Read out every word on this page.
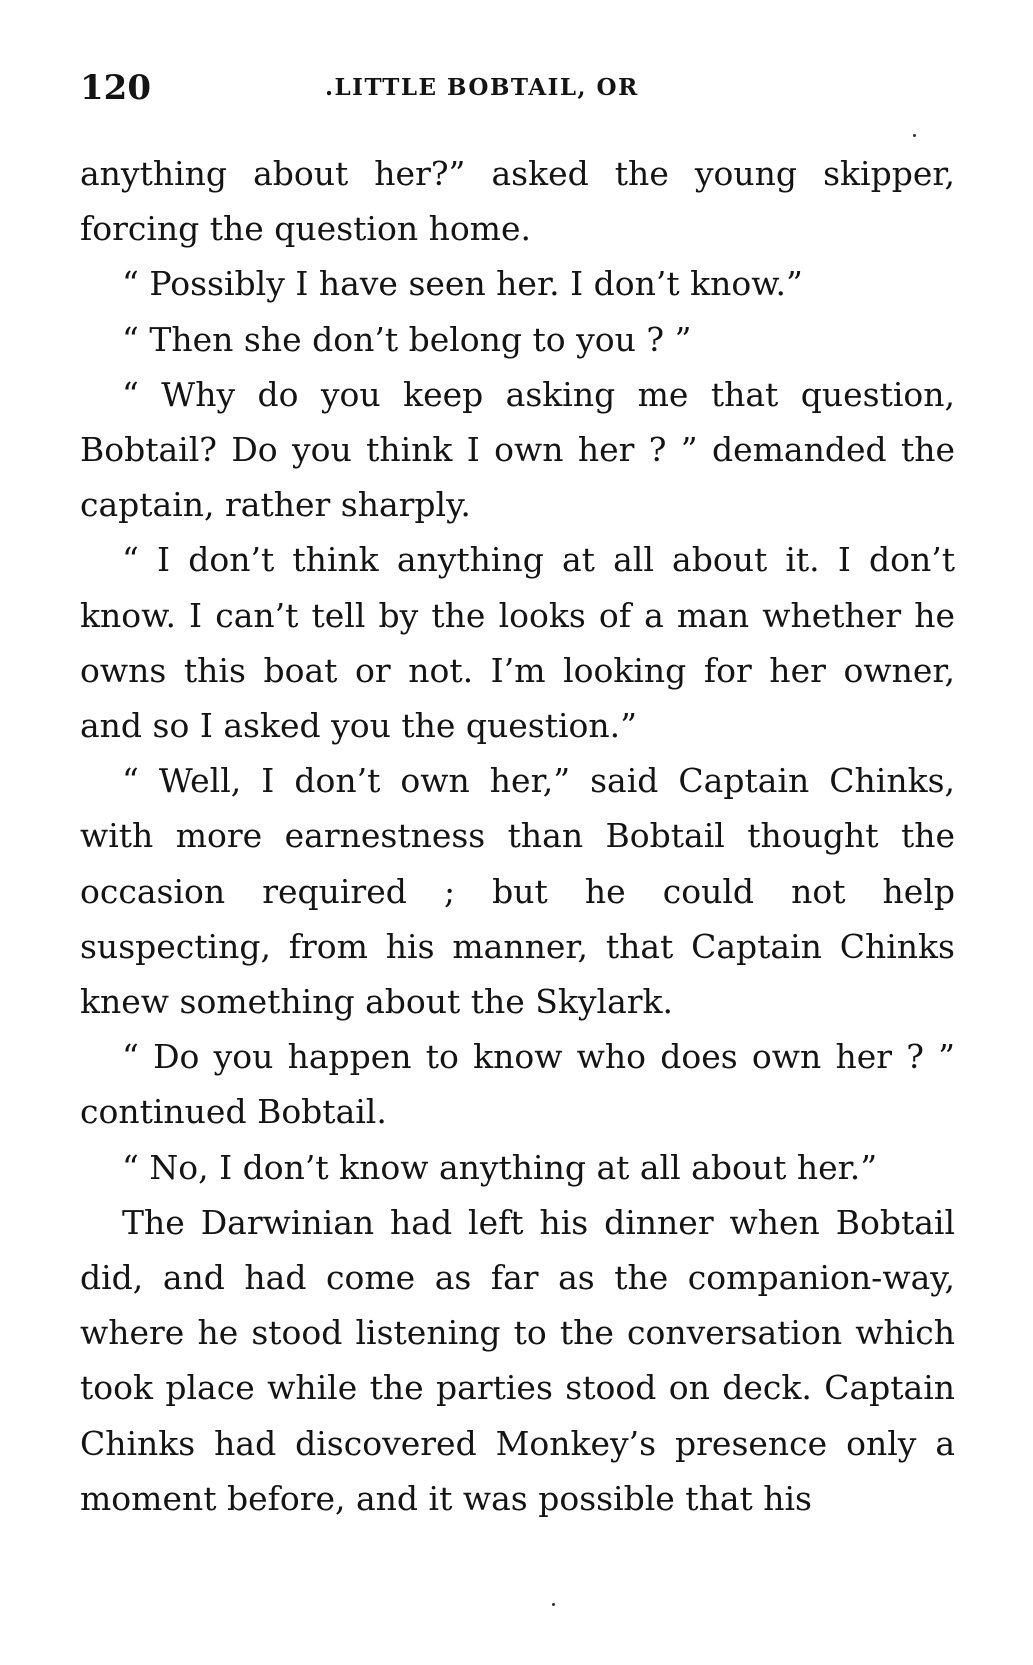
120	.LITTLE BOBTAIL, OR

anything about her?” asked the young skipper, forcing the question home.

“ Possibly I have seen her. I don’t know.”

“ Then she don’t belong to you ? ”

“ Why do you keep asking me that question, Bobtail? Do you think I own her ? ” demanded the captain, rather sharply.

“ I don’t think anything at all about it. I don’t know. I can’t tell by the looks of a man whether he owns this boat or not. I’m looking for her owner, and so I asked you the question.”

“ Well, I don’t own her,” said Captain Chinks, with more earnestness than Bobtail thought the occasion required ; but he could not help suspecting, from his manner, that Captain Chinks knew something about the Skylark.

“ Do you happen to know who does own her ? ” continued Bobtail.

“ No, I don’t know anything at all about her.”

The Darwinian had left his dinner when Bobtail did, and had come as far as the companion-way, where he stood listening to the conversation which took place while the parties stood on deck. Captain Chinks had discovered Monkey’s presence only a moment before, and it was possible that his
